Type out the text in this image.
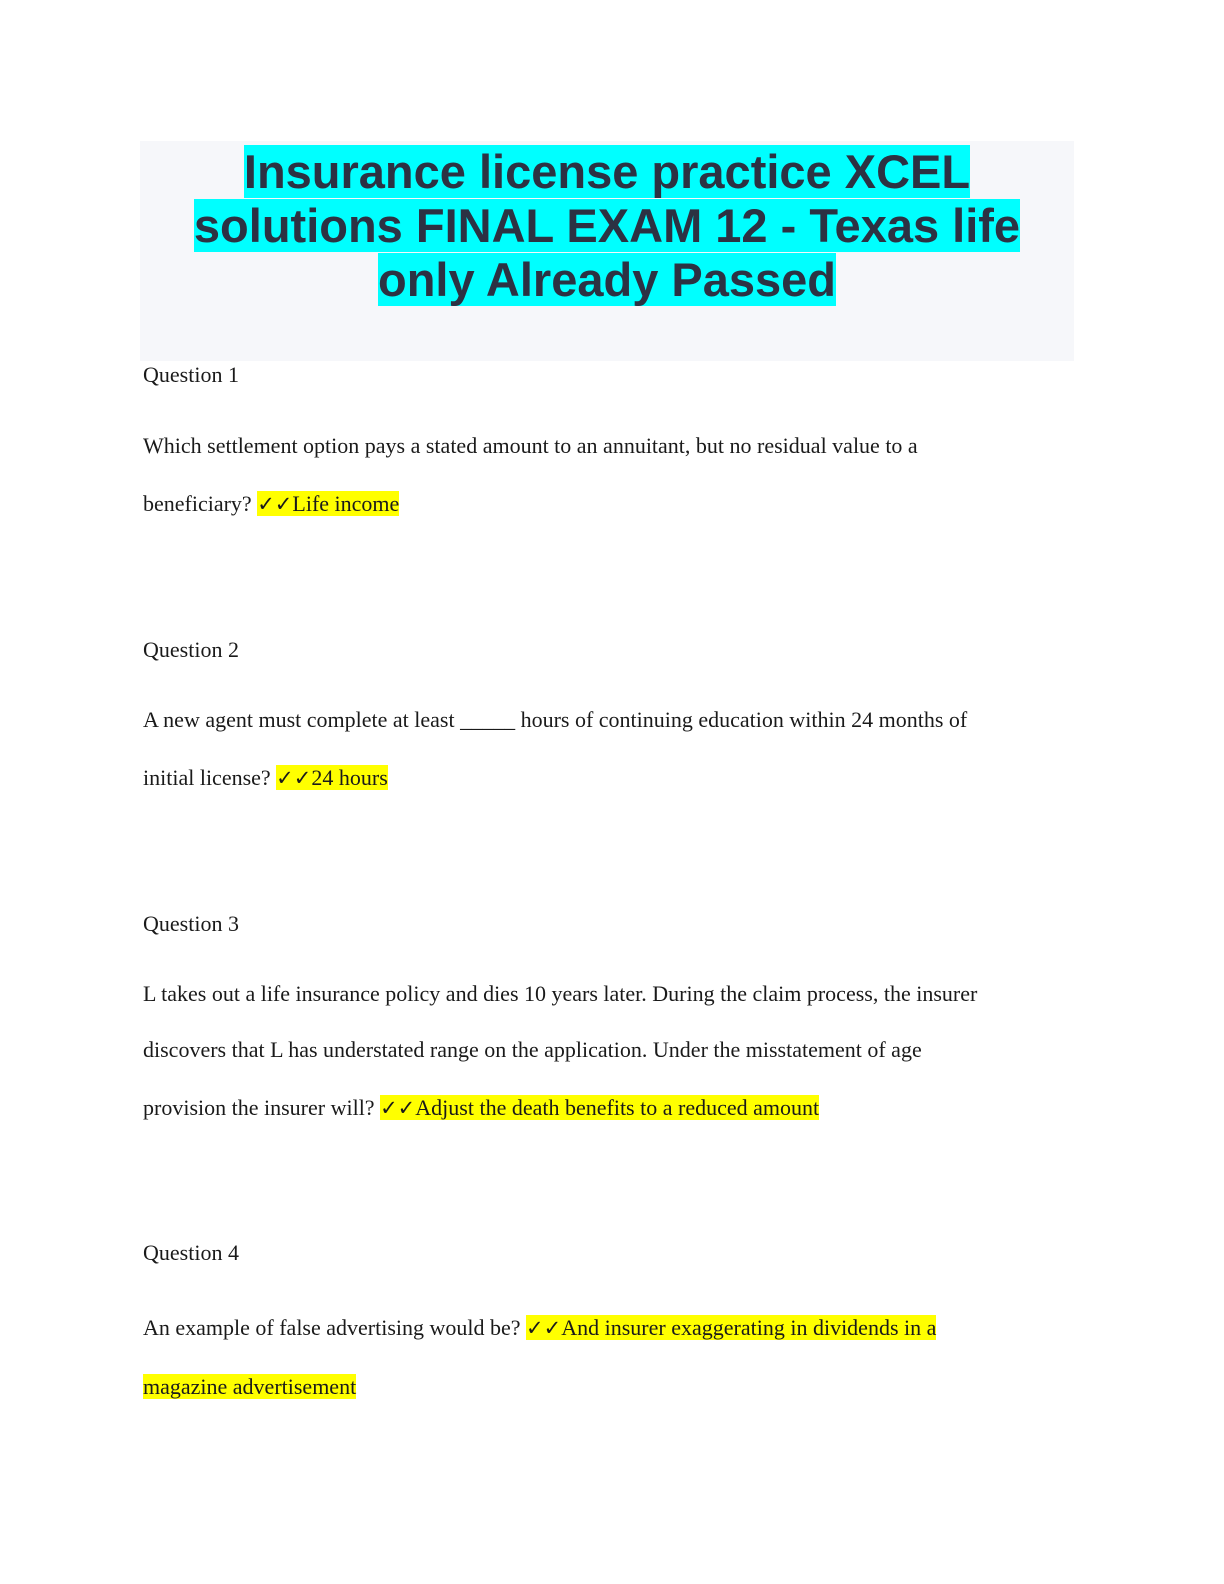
Insurance license practice XCEL solutions FINAL EXAM 12 - Texas life only Already Passed

Question 1

Which settlement option pays a stated amount to an annuitant, but no residual value to a

beneficiary? ✓✓Life income

Question 2

A new agent must complete at least _____ hours of continuing education within 24 months of

initial license? ✓✓24 hours

Question 3

L takes out a life insurance policy and dies 10 years later. During the claim process, the insurer

discovers that L has understated range on the application. Under the misstatement of age

provision the insurer will? ✓✓Adjust the death benefits to a reduced amount

Question 4

An example of false advertising would be? ✓✓And insurer exaggerating in dividends in a

magazine advertisement
